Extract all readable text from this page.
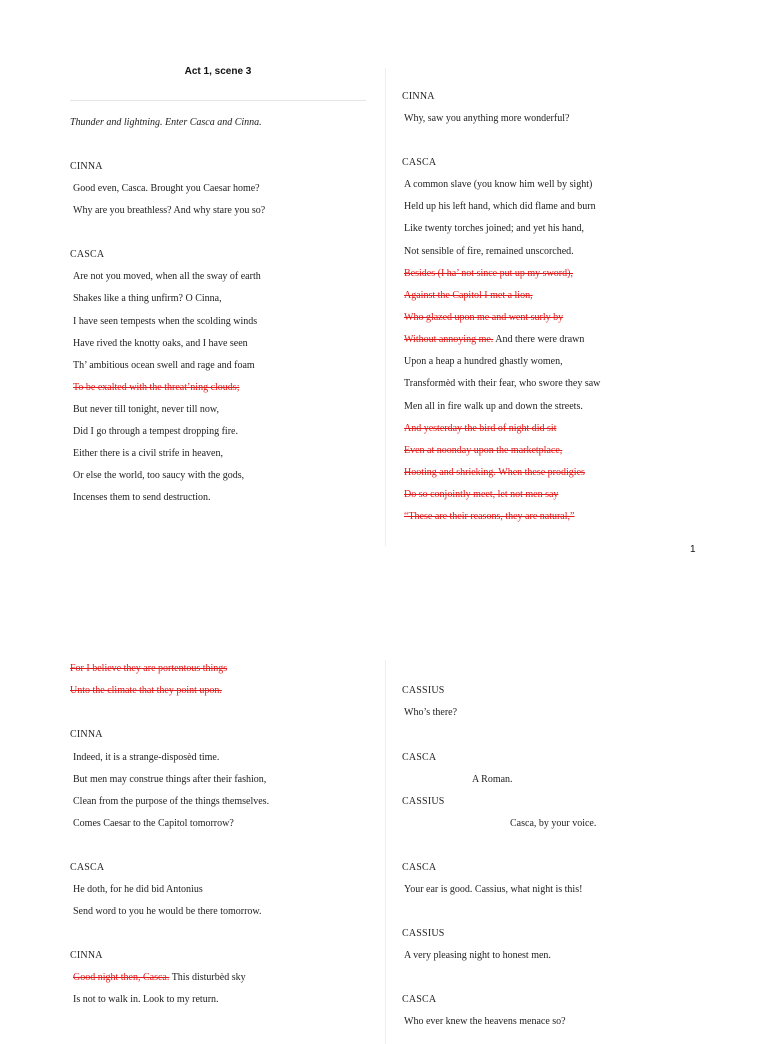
Act 1, scene 3
Thunder and lightning. Enter Casca and Cinna.
CINNA
Good even, Casca. Brought you Caesar home?
Why are you breathless? And why stare you so?
CASCA
Are not you moved, when all the sway of earth
Shakes like a thing unfirm? O Cinna,
I have seen tempests when the scolding winds
Have rived the knotty oaks, and I have seen
Th’ ambitious ocean swell and rage and foam
To be exalted with the threat’ning clouds;
But never till tonight, never till now,
Did I go through a tempest dropping fire.
Either there is a civil strife in heaven,
Or else the world, too saucy with the gods,
Incenses them to send destruction.
CINNA
Why, saw you anything more wonderful?
CASCA
A common slave (you know him well by sight)
Held up his left hand, which did flame and burn
Like twenty torches joined; and yet his hand,
Not sensible of fire, remained unscorched.
Besides (I ha’ not since put up my sword),
Against the Capitol I met a lion,
Who glazed upon me and went surly by
Without annoying me. And there were drawn
Upon a heap a hundred ghastly women,
Transformèd with their fear, who swore they saw
Men all in fire walk up and down the streets.
And yesterday the bird of night did sit
Even at noonday upon the marketplace,
Hooting and shrieking. When these prodigies
Do so conjointly meet, let not men say
“These are their reasons, they are natural,”
1
For I believe they are portentous things
Unto the climate that they point upon.
CINNA
Indeed, it is a strange-disposèd time.
But men may construe things after their fashion,
Clean from the purpose of the things themselves.
Comes Caesar to the Capitol tomorrow?
CASCA
He doth, for he did bid Antonius
Send word to you he would be there tomorrow.
CINNA
Good night then, Casca. This disturbèd sky
Is not to walk in. Look to my return.
CASSIUS
Who’s there?
CASCA
A Roman.
CASSIUS
Casca, by your voice.
CASCA
Your ear is good. Cassius, what night is this!
CASSIUS
A very pleasing night to honest men.
CASCA
Who ever knew the heavens menace so?
